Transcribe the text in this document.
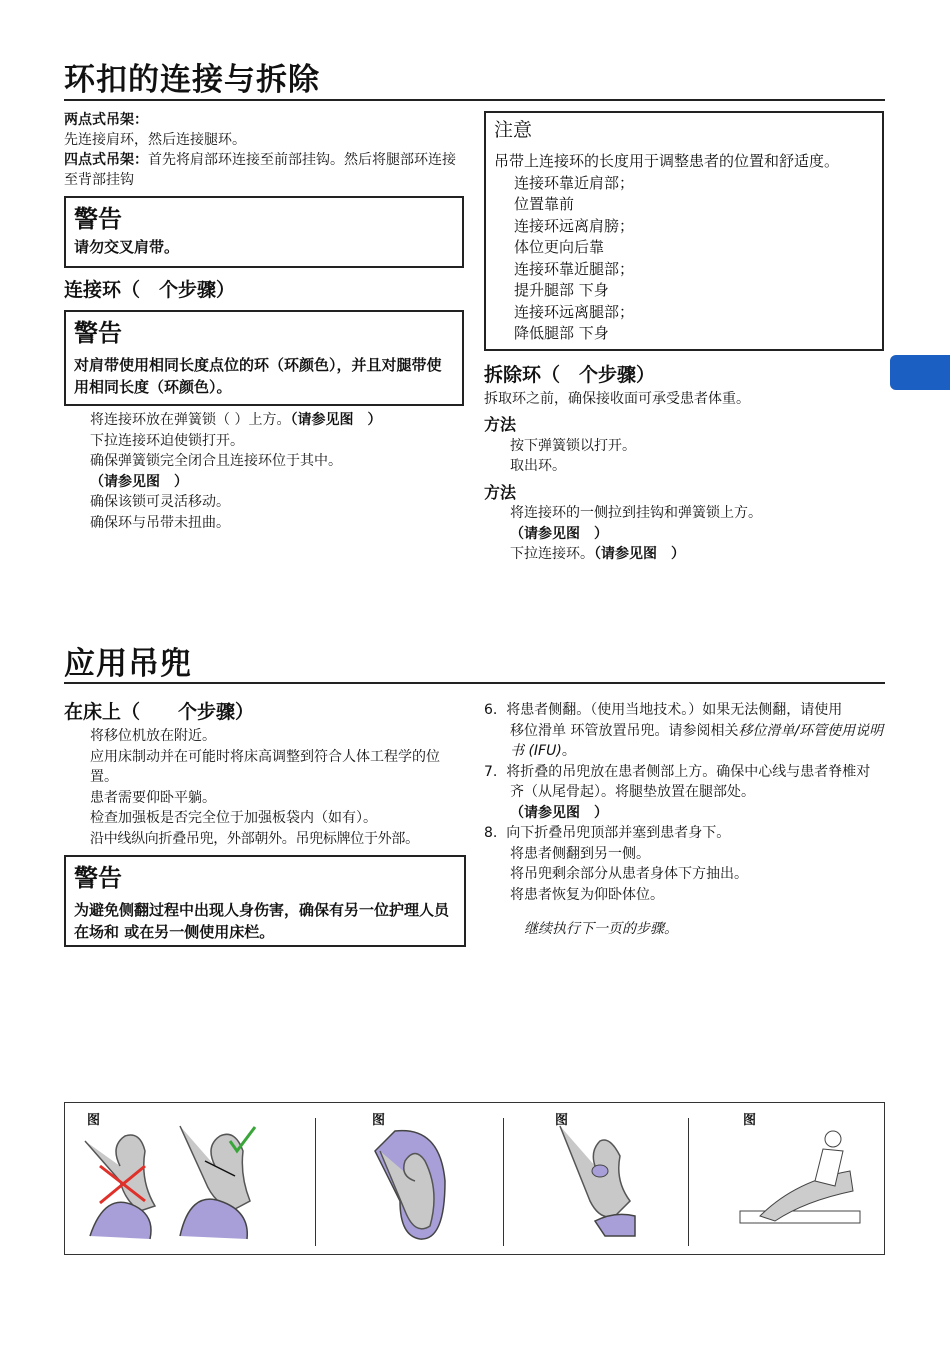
环扣的连接与拆除
两点式吊架：
先连接肩环，然后连接腿环。
四点式吊架：首先将肩部环连接至前部挂钩。然后将腿部环连接至背部挂钩
警告
请勿交叉肩带。
连接环（　个步骤）
警告
对肩带使用相同长度点位的环（环颜色），并且对腿带使用相同长度（环颜色）。
将连接环放在弹簧锁（ ）上方。（请参见图　）
下拉连接环迫使锁打开。
确保弹簧锁完全闭合且连接环位于其中。
（请参见图　）
确保该锁可灵活移动。
确保环与吊带未扭曲。
注意
吊带上连接环的长度用于调整患者的位置和舒适度。
连接环靠近肩部；
位置靠前
连接环远离肩膀；
体位更向后靠
连接环靠近腿部；
提升腿部 下身
连接环远离腿部；
降低腿部 下身
拆除环（　个步骤）
拆取环之前，确保接收面可承受患者体重。
方法
按下弹簧锁以打开。
取出环。
方法
将连接环的一侧拉到挂钩和弹簧锁上方。
（请参见图　）
下拉连接环。（请参见图　）
应用吊兜
在床上（　　个步骤）
将移位机放在附近。
应用床制动并在可能时将床高调整到符合人体工程学的位置。
患者需要仰卧平躺。
检查加强板是否完全位于加强板袋内（如有）。
沿中线纵向折叠吊兜，外部朝外。吊兜标牌位于外部。
警告
为避免侧翻过程中出现人身伤害，确保有另一位护理人员在场和 或在另一侧使用床栏。
6. 将患者侧翻。（使用当地技术。）如果无法侧翻，请使用　　移位滑单 环管放置吊兜。请参阅相关移位滑单/环管使用说明书 (IFU)。
7. 将折叠的吊兜放在患者侧部上方。确保中心线与患者脊椎对齐（从尾骨起）。将腿垫放置在腿部处。
（请参见图　）
8. 向下折叠吊兜顶部并塞到患者身下。
将患者侧翻到另一侧。
将吊兜剩余部分从患者身体下方抽出。
将患者恢复为仰卧体位。
继续执行下一页的步骤。
图	图	图	图
